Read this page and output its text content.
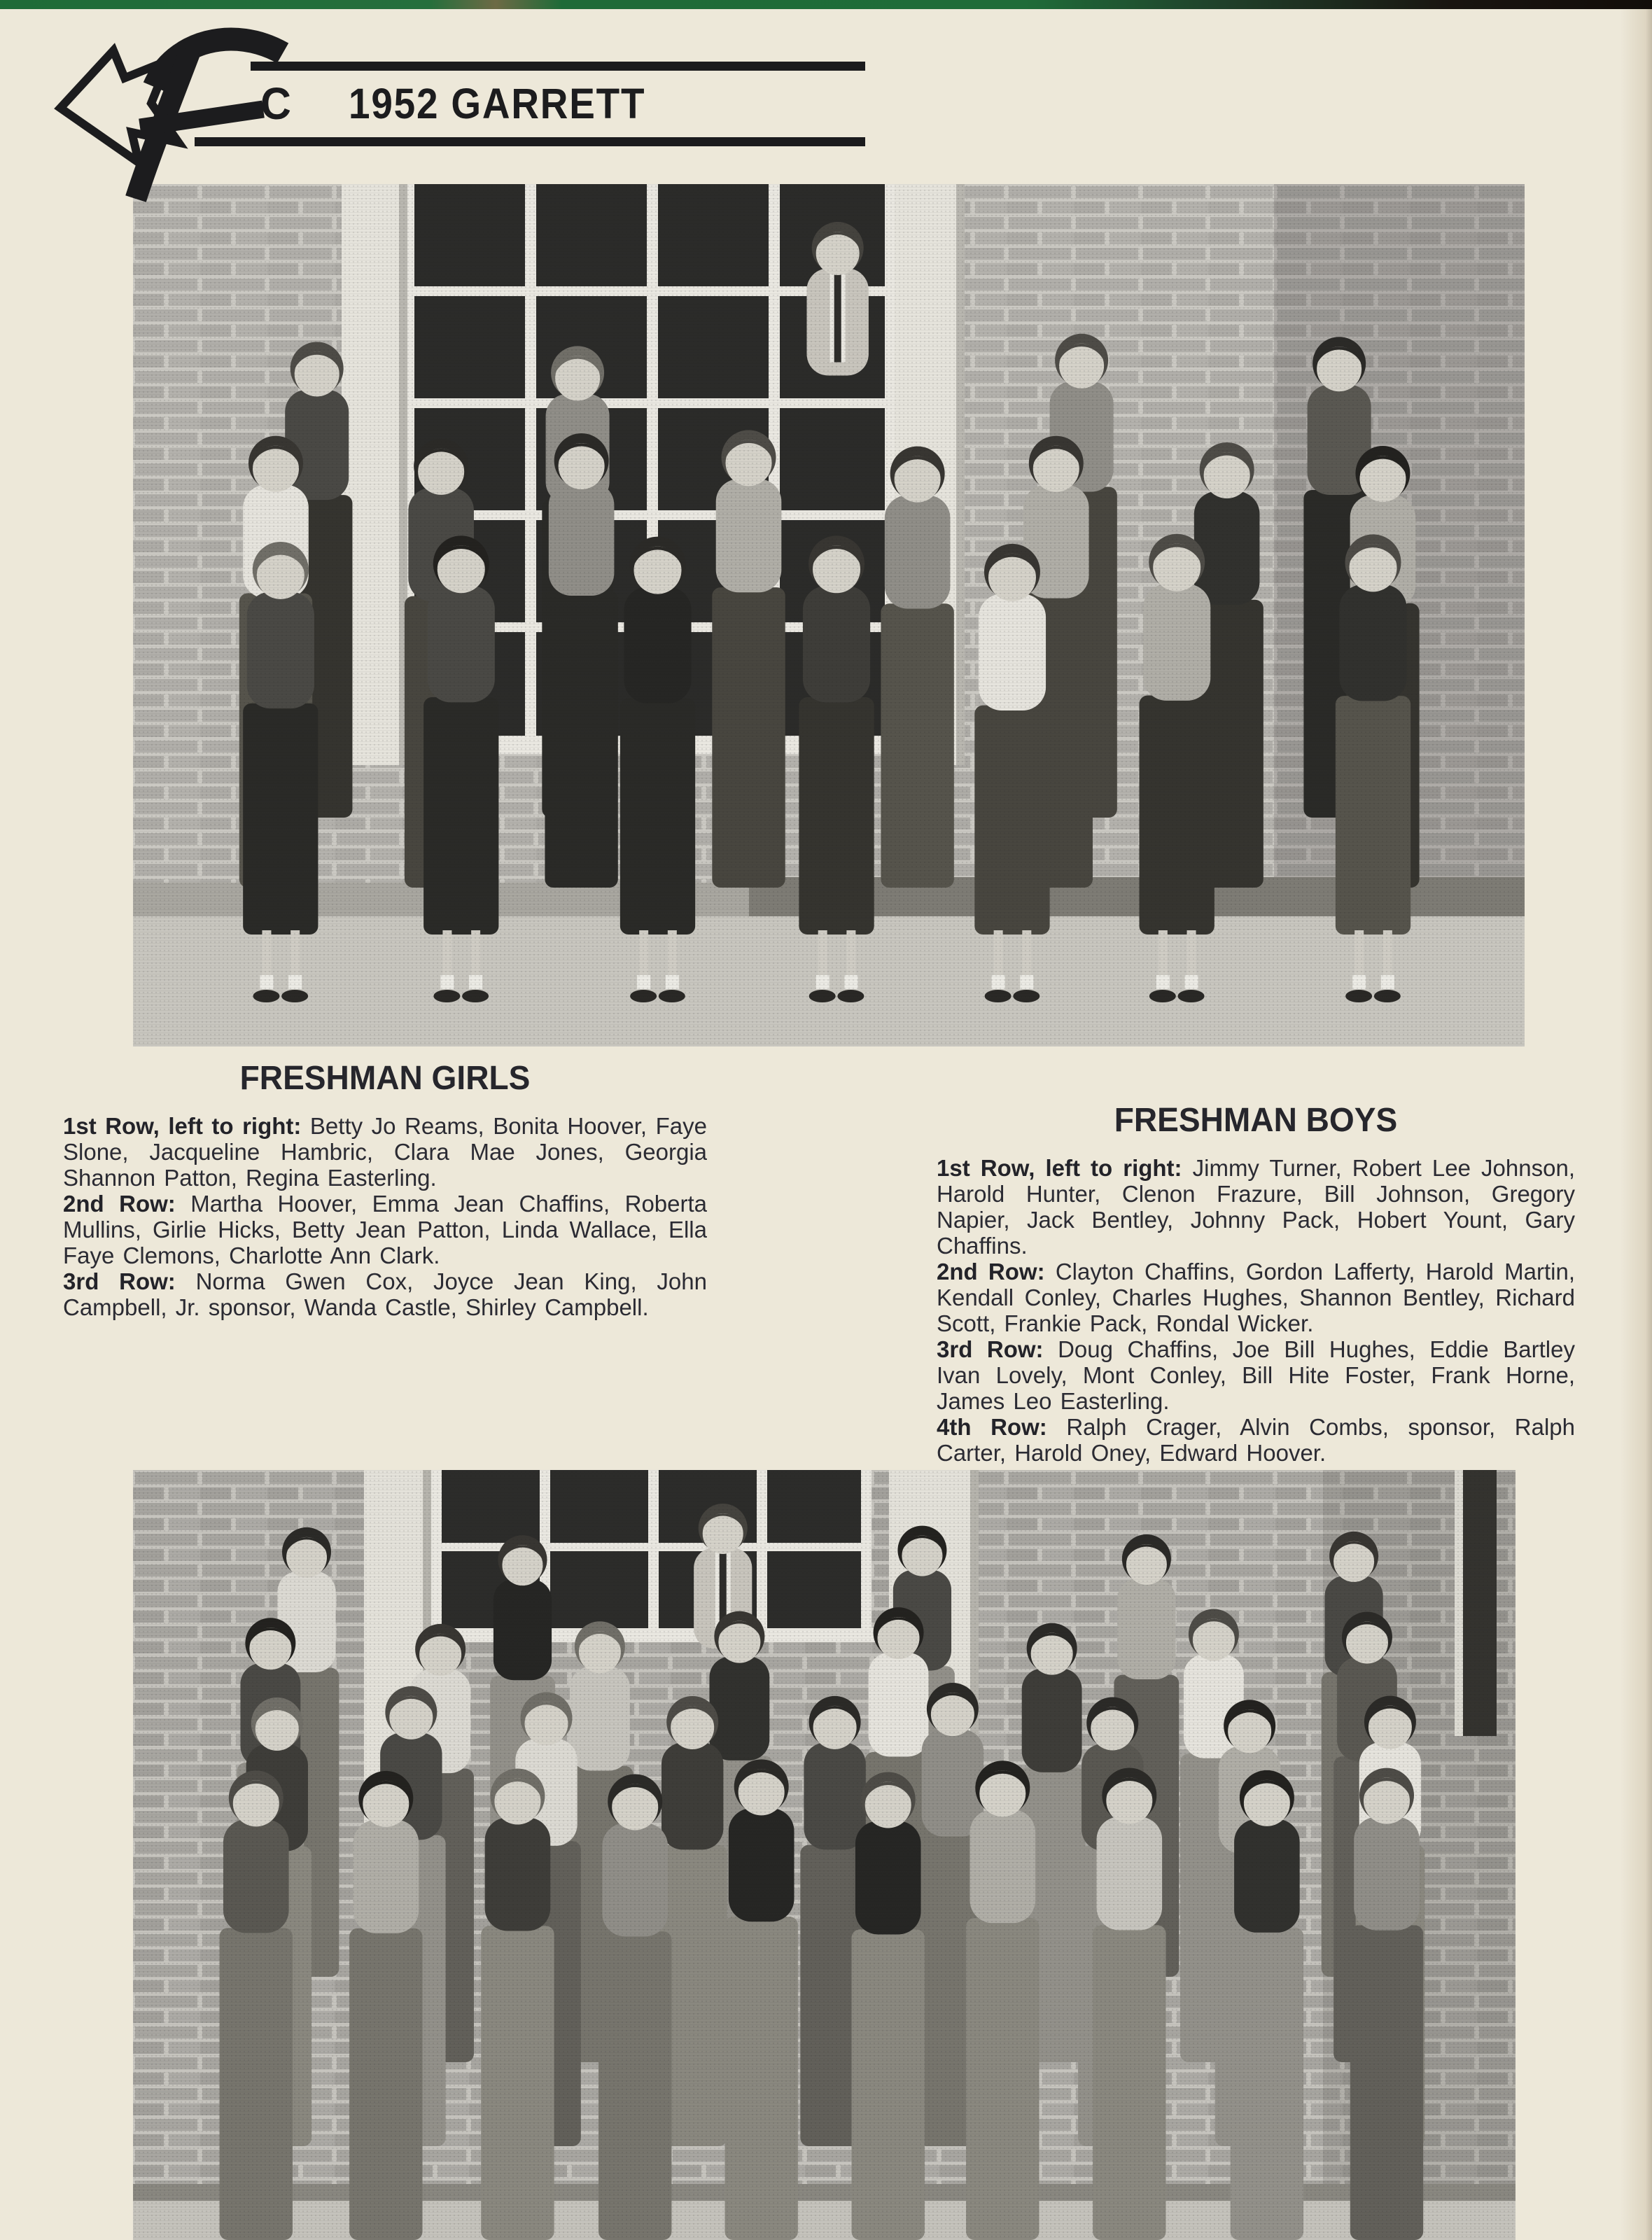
C 1952 GARRETT
FRESHMAN GIRLS

1st Row, left to right: Betty Jo Reams, Bonita Hoover, Faye Slone, Jacqueline Hambric, Clara Mae Jones, Georgia Shannon Patton, Regina Easterling.

2nd Row: Martha Hoover, Emma Jean Chaffins, Roberta Mullins, Girlie Hicks, Betty Jean Patton, Linda Wallace, Ella Faye Clemons, Charlotte Ann Clark.

3rd Row: Norma Gwen Cox, Joyce Jean King, John Campbell, Jr. sponsor, Wanda Castle, Shirley Campbell.

FRESHMAN BOYS

1st Row, left to right: Jimmy Turner, Robert Lee Johnson, Harold Hunter, Clenon Frazure, Bill Johnson, Gregory Napier, Jack Bentley, Johnny Pack, Hobert Yount, Gary Chaffins.

2nd Row: Clayton Chaffins, Gordon Lafferty, Harold Martin, Kendall Conley, Charles Hughes, Shannon Bentley, Richard Scott, Frankie Pack, Rondal Wicker.

3rd Row: Doug Chaffins, Joe Bill Hughes, Eddie Bartley Ivan Lovely, Mont Conley, Bill Hite Foster, Frank Horne, James Leo Easterling.

4th Row: Ralph Crager, Alvin Combs, sponsor, Ralph Carter, Harold Oney, Edward Hoover.
